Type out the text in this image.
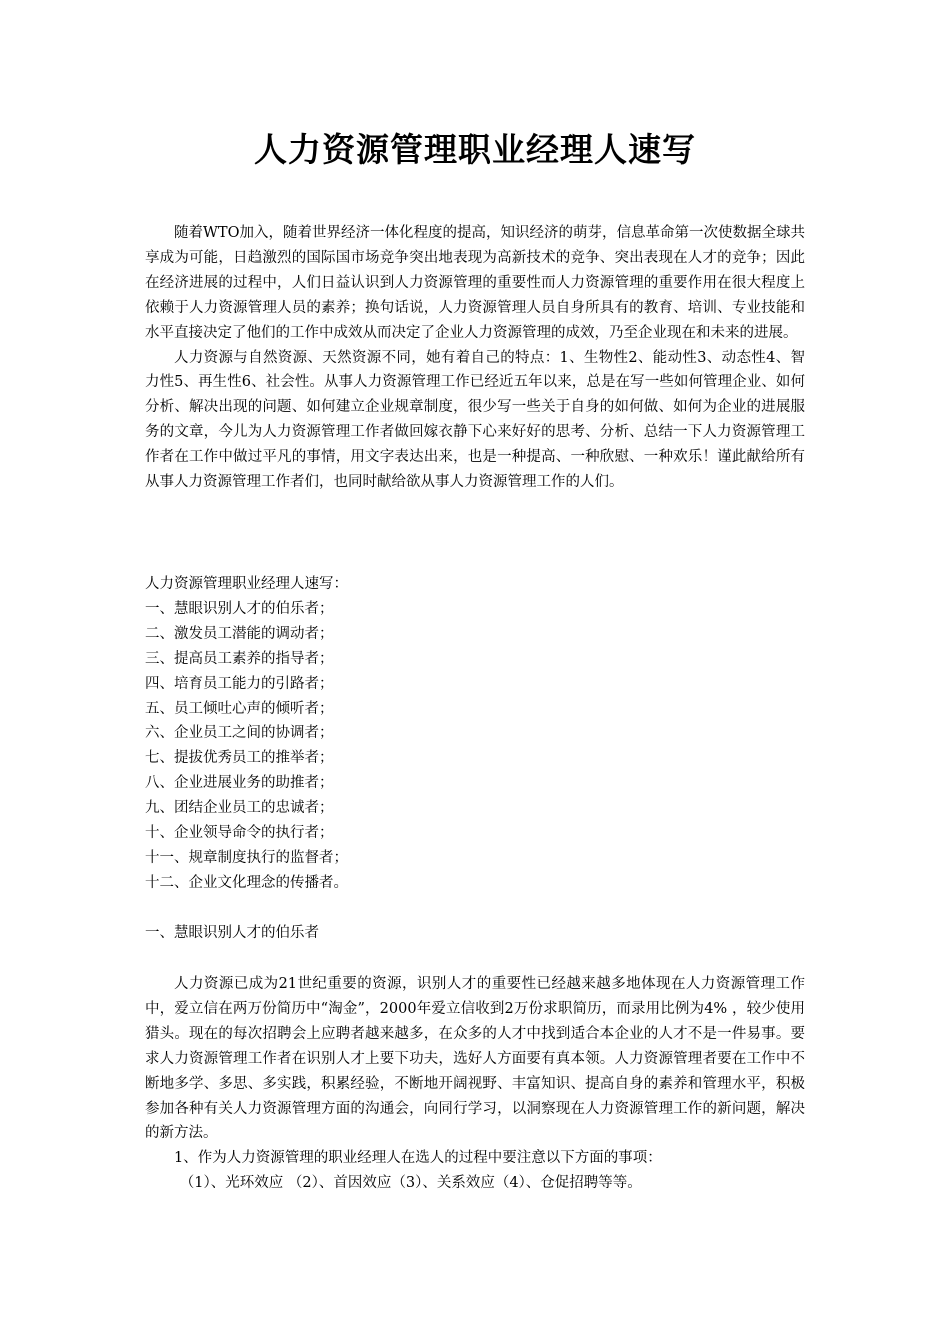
人力资源管理职业经理人速写

随着WTO加入，随着世界经济一体化程度的提高，知识经济的萌芽，信息革命第一次使数据全球共享成为可能，日趋激烈的国际国市场竞争突出地表现为高新技术的竞争、突出表现在人才的竞争；因此在经济进展的过程中，人们日益认识到人力资源管理的重要性而人力资源管理的重要作用在很大程度上依赖于人力资源管理人员的素养；换句话说，人力资源管理人员自身所具有的教育、培训、专业技能和水平直接决定了他们的工作中成效从而决定了企业人力资源管理的成效，乃至企业现在和未来的进展。

人力资源与自然资源、天然资源不同，她有着自己的特点：1、生物性2、能动性3、动态性4、智力性5、再生性6、社会性。从事人力资源管理工作已经近五年以来，总是在写一些如何管理企业、如何分析、解决出现的问题、如何建立企业规章制度，很少写一些关于自身的如何做、如何为企业的进展服务的文章，今儿为人力资源管理工作者做回嫁衣静下心来好好的思考、分析、总结一下人力资源管理工作者在工作中做过平凡的事情，用文字表达出来，也是一种提高、一种欣慰、一种欢乐！谨此献给所有从事人力资源管理工作者们，也同时献给欲从事人力资源管理工作的人们。

人力资源管理职业经理人速写：

一、慧眼识别人才的伯乐者；

二、激发员工潜能的调动者；

三、提高员工素养的指导者；

四、培育员工能力的引路者；

五、员工倾吐心声的倾听者；

六、企业员工之间的协调者；

七、提拔优秀员工的推举者；

八、企业进展业务的助推者；

九、团结企业员工的忠诚者；

十、企业领导命令的执行者；

十一、规章制度执行的监督者；

十二、企业文化理念的传播者。

一、慧眼识别人才的伯乐者

人力资源已成为21世纪重要的资源，识别人才的重要性已经越来越多地体现在人力资源管理工作中，爱立信在两万份简历中“淘金”，2000年爱立信收到2万份求职简历，而录用比例为4% ，较少使用猎头。现在的每次招聘会上应聘者越来越多，在众多的人才中找到适合本企业的人才不是一件易事。要求人力资源管理工作者在识别人才上要下功夫，选好人方面要有真本领。人力资源管理者要在工作中不断地多学、多思、多实践，积累经验，不断地开阔视野、丰富知识、提高自身的素养和管理水平，积极参加各种有关人力资源管理方面的沟通会，向同行学习，以洞察现在人力资源管理工作的新问题，解决的新方法。

1、作为人力资源管理的职业经理人在选人的过程中要注意以下方面的事项：

（1）、光环效应 （2）、首因效应（3）、关系效应（4）、仓促招聘等等。
